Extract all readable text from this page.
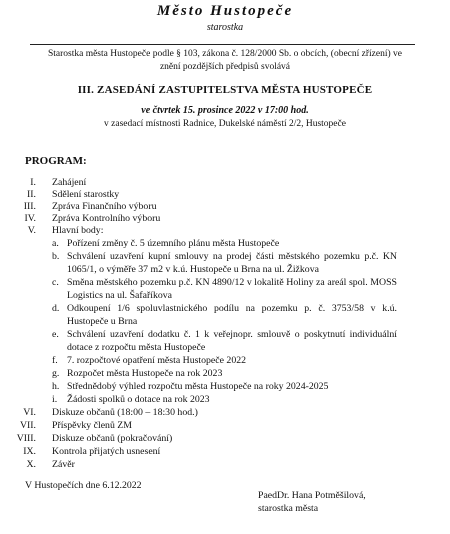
Město Hustopeče
starostka
Starostka města Hustopeče podle § 103, zákona č. 128/2000 Sb. o obcích, (obecní zřízení) ve
znění pozdějších předpisů svolává
III. ZASEDÁNÍ ZASTUPITELSTVA MĚSTA HUSTOPEČE
ve čtvrtek 15. prosince 2022 v 17:00 hod.
v zasedací místnosti Radnice, Dukelské náměstí 2/2, Hustopeče
PROGRAM:
I. Zahájení
II. Sdělení starostky
III. Zpráva Finančního výboru
IV. Zpráva Kontrolního výboru
V. Hlavní body:
a. Pořízení změny č. 5 územního plánu města Hustopeče
b. Schválení uzavření kupní smlouvy na prodej části městského pozemku p.č. KN 1065/1, o výměře 37 m2 v k.ú. Hustopeče u Brna na ul. Žižkova
c. Směna městského pozemku p.č. KN 4890/12 v lokalitě Holiny za areál spol. MOSS Logistics na ul. Šafaříkova
d. Odkoupení 1/6 spoluvlastnického podílu na pozemku p. č. 3753/58 v k.ú. Hustopeče u Brna
e. Schválení uzavření dodatku č. 1 k veřejnopr. smlouvě o poskytnutí individuální dotace z rozpočtu města Hustopeče
f. 7. rozpočtové opatření města Hustopeče 2022
g. Rozpočet města Hustopeče na rok 2023
h. Střednědobý výhled rozpočtu města Hustopeče na roky 2024-2025
i.	Žádosti spolků o dotace na rok 2023
VI. Diskuze občanů (18:00 – 18:30 hod.)
VII. Příspěvky členů ZM
VIII. Diskuze občanů (pokračování)
IX. Kontrola přijatých usnesení
X. Závěr
V Hustopečích dne 6.12.2022
PaedDr. Hana Potměšilová,
starostka města
